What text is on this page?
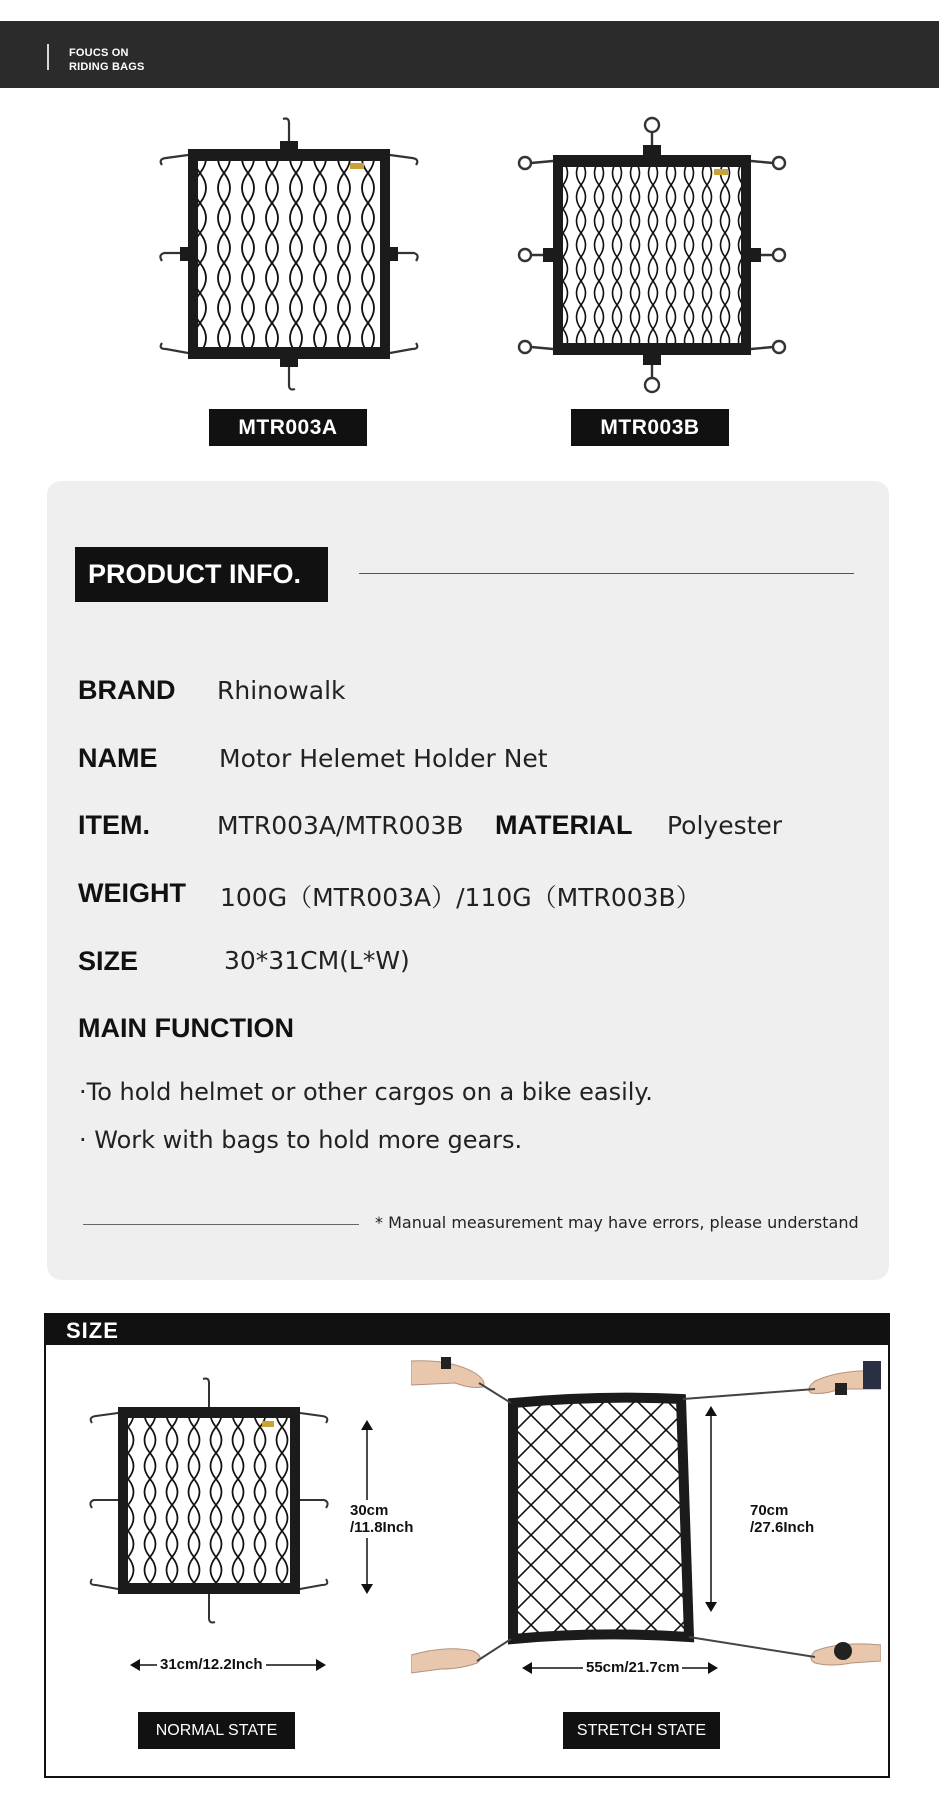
FOUCS ON
RIDING BAGS
MTR003A	MTR003B
PRODUCT INFO.
BRAND Rhinowalk
NAME Motor Helemet Holder Net
ITEM.	MTR003A/MTR003B MATERIAL Polyester
WEIGHT 100G（MTR003A）/110G（MTR003B）
SIZE	30*31CM(L*W)
MAIN FUNCTION
·To hold helmet or other cargos on a bike easily.
· Work with bags to hold more gears.
* Manual measurement may have errors, please understand
SIZE
30cm
/11.8Inch
31cm/12.2Inch
NORMAL STATE
70cm
/27.6Inch
55cm/21.7cm
STRETCH STATE
